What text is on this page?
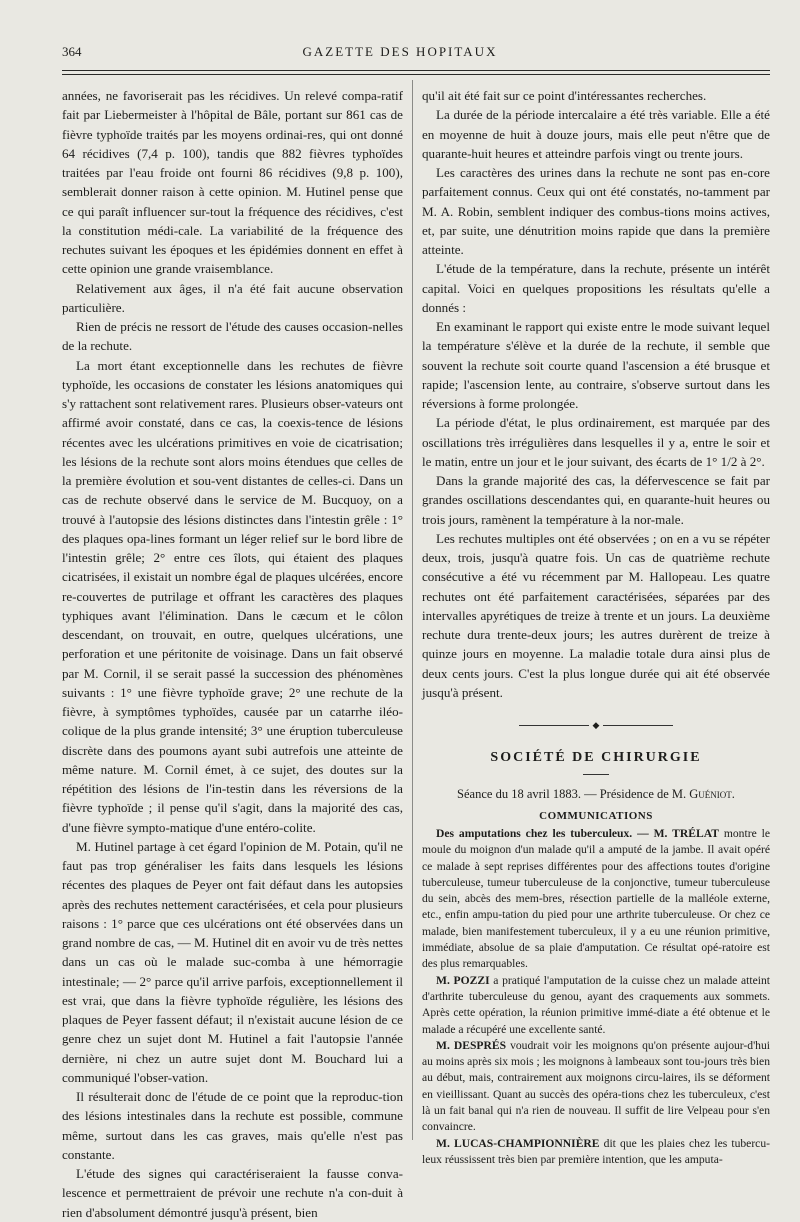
364	GAZETTE DES HOPITAUX

années, ne favoriserait pas les récidives. Un relevé compa-ratif fait par Liebermeister à l'hôpital de Bâle, portant sur 861 cas de fièvre typhoïde traités par les moyens ordinai-res, qui ont donné 64 récidives (7,4 p. 100), tandis que 882 fièvres typhoïdes traitées par l'eau froide ont fourni 86 récidives (9,8 p. 100), semblerait donner raison à cette opinion. M. Hutinel pense que ce qui paraît influencer sur-tout la fréquence des récidives, c'est la constitution médi-cale. La variabilité de la fréquence des rechutes suivant les époques et les épidémies donnent en effet à cette opinion une grande vraisemblance.

Relativement aux âges, il n'a été fait aucune observation particulière.

Rien de précis ne ressort de l'étude des causes occasion-nelles de la rechute.

La mort étant exceptionnelle dans les rechutes de fièvre typhoïde, les occasions de constater les lésions anatomiques qui s'y rattachent sont relativement rares. Plusieurs obser-vateurs ont affirmé avoir constaté, dans ce cas, la coexis-tence de lésions récentes avec les ulcérations primitives en voie de cicatrisation; les lésions de la rechute sont alors moins étendues que celles de la première évolution et sou-vent distantes de celles-ci. Dans un cas de rechute observé dans le service de M. Bucquoy, on a trouvé à l'autopsie des lésions distinctes dans l'intestin grêle : 1° des plaques opa-lines formant un léger relief sur le bord libre de l'intestin grêle; 2° entre ces îlots, qui étaient des plaques cicatrisées, il existait un nombre égal de plaques ulcérées, encore re-couvertes de putrilage et offrant les caractères des plaques typhiques avant l'élimination. Dans le cæcum et le côlon descendant, on trouvait, en outre, quelques ulcérations, une perforation et une péritonite de voisinage. Dans un fait observé par M. Cornil, il se serait passé la succession des phénomènes suivants : 1° une fièvre typhoïde grave; 2° une rechute de la fièvre, à symptômes typhoïdes, causée par un catarrhe iléo-colique de la plus grande intensité; 3° une éruption tuberculeuse discrète dans des poumons ayant subi autrefois une atteinte de même nature. M. Cornil émet, à ce sujet, des doutes sur la répétition des lésions de l'in-testin dans les réversions de la fièvre typhoïde ; il pense qu'il s'agit, dans la majorité des cas, d'une fièvre sympto-matique d'une entéro-colite.

M. Hutinel partage à cet égard l'opinion de M. Potain, qu'il ne faut pas trop généraliser les faits dans lesquels les lésions récentes des plaques de Peyer ont fait défaut dans les autopsies après des rechutes nettement caractérisées, et cela pour plusieurs raisons : 1° parce que ces ulcérations ont été observées dans un grand nombre de cas, — M. Hutinel dit en avoir vu de très nettes dans un cas où le malade suc-comba à une hémorragie intestinale; — 2° parce qu'il arrive parfois, exceptionnellement il est vrai, que dans la fièvre typhoïde régulière, les lésions des plaques de Peyer fassent défaut; il n'existait aucune lésion de ce genre chez un sujet dont M. Hutinel a fait l'autopsie l'année dernière, ni chez un autre sujet dont M. Bouchard lui a communiqué l'obser-vation.

Il résulterait donc de l'étude de ce point que la reproduc-tion des lésions intestinales dans la rechute est possible, commune même, surtout dans les cas graves, mais qu'elle n'est pas constante.

L'étude des signes qui caractériseraient la fausse conva-lescence et permettraient de prévoir une rechute n'a con-duit à rien d'absolument démontré jusqu'à présent, bien

qu'il ait été fait sur ce point d'intéressantes recherches.

La durée de la période intercalaire a été très variable. Elle a été en moyenne de huit à douze jours, mais elle peut n'être que de quarante-huit heures et atteindre parfois vingt ou trente jours.

Les caractères des urines dans la rechute ne sont pas en-core parfaitement connus. Ceux qui ont été constatés, no-tamment par M. A. Robin, semblent indiquer des combus-tions moins actives, et, par suite, une dénutrition moins rapide que dans la première atteinte.

L'étude de la température, dans la rechute, présente un intérêt capital. Voici en quelques propositions les résultats qu'elle a donnés :

En examinant le rapport qui existe entre le mode suivant lequel la température s'élève et la durée de la rechute, il semble que souvent la rechute soit courte quand l'ascension a été brusque et rapide; l'ascension lente, au contraire, s'observe surtout dans les réversions à forme prolongée.

La période d'état, le plus ordinairement, est marquée par des oscillations très irrégulières dans lesquelles il y a, entre le soir et le matin, entre un jour et le jour suivant, des écarts de 1° 1/2 à 2°.

Dans la grande majorité des cas, la défervescence se fait par grandes oscillations descendantes qui, en quarante-huit heures ou trois jours, ramènent la température à la nor-male.

Les rechutes multiples ont été observées ; on en a vu se répéter deux, trois, jusqu'à quatre fois. Un cas de quatrième rechute consécutive a été vu récemment par M. Hallopeau. Les quatre rechutes ont été parfaitement caractérisées, séparées par des intervalles apyrétiques de treize à trente et un jours. La deuxième rechute dura trente-deux jours; les autres durèrent de treize à quinze jours en moyenne. La maladie totale dura ainsi plus de deux cents jours. C'est la plus longue durée qui ait été observée jusqu'à présent.

◆
SOCIÉTÉ DE CHIRURGIE
Séance du 18 avril 1883. — Présidence de M. Guéniot.
COMMUNICATIONS

Des amputations chez les tuberculeux. — M. TRÉLAT montre le moule du moignon d'un malade qu'il a amputé de la jambe. Il avait opéré ce malade à sept reprises différentes pour des affections toutes d'origine tuberculeuse, tumeur tuberculeuse de la conjonctive, tumeur tuberculeuse du sein, abcès des mem-bres, résection partielle de la malléole externe, etc., enfin ampu-tation du pied pour une arthrite tuberculeuse. Or chez ce malade, bien manifestement tuberculeux, il y a eu une réunion primitive, immédiate, absolue de sa plaie d'amputation. Ce résultat opé-ratoire est des plus remarquables.

M. POZZI a pratiqué l'amputation de la cuisse chez un malade atteint d'arthrite tuberculeuse du genou, ayant des craquements aux sommets. Après cette opération, la réunion primitive immé-diate a été obtenue et le malade a récupéré une excellente santé.

M. DESPRÉS voudrait voir les moignons qu'on présente aujour-d'hui au moins après six mois ; les moignons à lambeaux sont tou-jours très bien au début, mais, contrairement aux moignons circu-laires, ils se déforment en vieillissant. Quant au succès des opéra-tions chez les tuberculeux, c'est là un fait banal qui n'a rien de nouveau. Il suffit de lire Velpeau pour s'en convaincre.

M. LUCAS-CHAMPIONNIÈRE dit que les plaies chez les tubercu-leux réussissent très bien par première intention, que les amputa-
